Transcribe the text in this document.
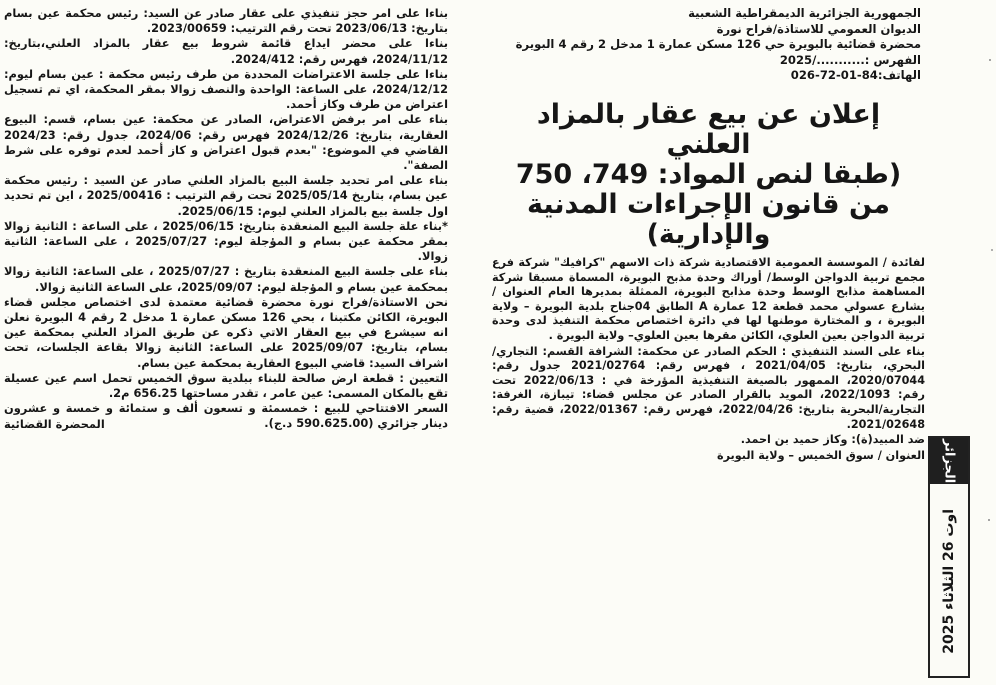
بناءا على امر حجز تنفيذي على عقار صادر عن السيد: رئيس محكمة عين بسام بتاريخ: 2023/06/13 تحت رقم الترتيب: 2023/00659.

بناءا على محضر ايداع قائمة شروط بيع عقار بالمزاد العلني،بتاريخ: 2024/11/12، فهرس رقم: 2024/412.

بناءا على جلسة الاعتراضات المحددة من طرف رئيس محكمة : عين بسام ليوم: 2024/12/12، على الساعة: الواحدة والنصف زوالا بمقر المحكمة، اي تم تسجيل اعتراض من طرف وكاز أحمد.

بناء على امر برفض الاعتراض، الصادر عن محكمة: عين بسام، قسم: البيوع العقارية، بتاريخ: 2024/12/26 فهرس رقم: 2024/06، جدول رقم: 2024/23 القاضي في الموضوع: "بعدم قبول اعتراض و كاز أحمد لعدم توفره على شرط الصفة".

بناء على امر تحديد جلسة البيع بالمزاد العلني صادر عن السيد : رئيس محكمة عين بسام، بتاريخ 2025/05/14 تحت رقم الترتيب : 2025/00416 ، اين تم تحديد اول جلسة بيع بالمزاد العلني ليوم: 2025/06/15.

*بناء علة جلسة البيع المنعقدة بتاريخ: 2025/06/15 ، على الساعة : الثانية زوالا بمقر محكمة عين بسام و المؤجلة ليوم: 2025/07/27 ، على الساعة: الثانية زوالا.

بناء على جلسة البيع المنعقدة بتاريخ : 2025/07/27 ، على الساعة: الثانية زوالا بمحكمة عين بسام و المؤجلة ليوم: 2025/09/07، على الساعة الثانية زوالا.

نحن الاستاذة/فراح نورة محضرة قضائية معتمدة لدى اختصاص مجلس قضاء البويرة، الكائن مكتبنا ، بحي 126 مسكن عمارة 1 مدخل 2 رقم 4 البويرة نعلن انه سيشرع في بيع العقار الاتي ذكره عن طريق المزاد العلني بمحكمة عين بسام، بتاريخ: 2025/09/07 على الساعة: الثانية زوالا بقاعة الجلسات، تحت اشراف السيد: قاضي البيوع العقارية بمحكمة عين بسام.

التعيين : قطعة ارض صالحة للبناء ببلدية سوق الخميس تحمل اسم عين عسيلة تقع بالمكان المسمى: عين عامر ، تقدر مساحتها 656.25 م2.

السعر الافتتاحي للبيع : خمسمئة و تسعون ألف و ستمائة و خمسة و عشرون دينار جزائري (590.625.00 د.ج).
المحضرة القضائية
الجمهورية الجزائرية الديمقراطية الشعبية
الديوان العمومي للاستاذة/فراح نورة
محضرة قضائية بالبويرة حي 126 مسكن عمارة 1 مدخل 2 رقم 4 البويرة
الفهرس :.........../2025
الهاتف:84-01-72-026
إعلان عن بيع عقار بالمزاد
العلني
(طبقا لنص المواد: 749، 750
من قانون الإجراءات المدنية
والإدارية)

لفائدة / الموسسة العمومية الاقتصادية شركة ذات الاسهم "كرافيك" شركة فرع مجمع تربية الدواجن الوسط/ أوراك وحدة مذبح البويرة، المسماة مسبقا شركة المساهمة مذابح الوسط وحدة مذابح البويرة، الممثلة بمديرها العام العنوان / بشارع عسولي محمد قطعة 12 عمارة A الطابق 04جناح بلدية البويرة – ولاية البويرة ، و المختارة موطنها لها في دائرة اختصاص محكمة التنفيذ لدى وحدة تربية الدواجن بعين العلوي، الكائن مقرها بعين العلوي– ولاية البويرة .

بناء على السند التنفيذي : الحكم الصادر عن محكمة: الشرافة القسم: التجاري/ البحري، بتاريخ: 2021/04/05 ، فهرس رقم: 2021/02764 جدول رقم: 2020/07044، الممهور بالصيغة التنفيذية المؤرخة في : 2022/06/13 تحت رقم: 2022/1093، المويد بالقرار الصادر عن مجلس قضاء: تيبازة، الغرفة: التجارية/البحرية بتاريخ: 2022/04/26، فهرس رقم: 2022/01367، قضية رقم: 2021/02648.

ضد المبيد(ة): وكاز حميد بن احمد.

العنوان / سوق الخميس – ولاية البويرة الجزائر
2025 اوت 26 الثلاثاء
